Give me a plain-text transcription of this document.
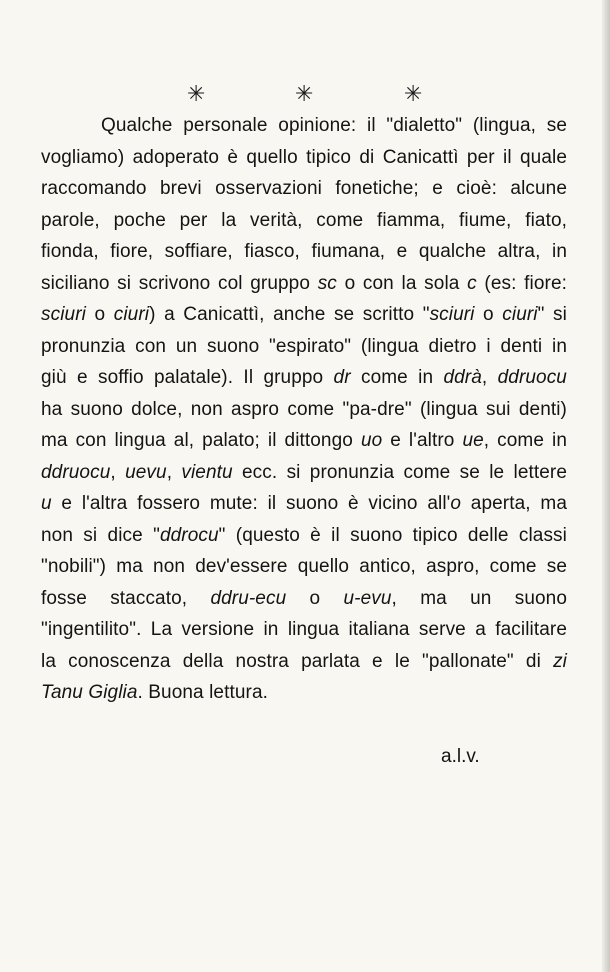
✳	✳	✳
Qualche personale opinione: il "dialetto" (lingua, se
vogliamo) adoperato è quello tipico di Canicattì per il quale
raccomando brevi osservazioni fonetiche; e cioè: alcune
parole, poche per la verità, come fiamma, fiume, fiato,
fionda, fiore, soffiare, fiasco, fiumana, e qualche altra, in
siciliano si scrivono col gruppo sc o con la sola c (es: fiore:
sciuri o ciuri) a Canicattì, anche se scritto "sciuri o ciuri" si
pronunzia con un suono "espirato" (lingua dietro i denti in
giù e soffio palatale). Il gruppo dr come in ddrà, ddruocu
ha suono dolce, non aspro come "pa-dre" (lingua sui denti)
ma con lingua al, palato; il dittongo uo e l'altro ue, come in
ddruocu, uevu, vientu ecc. si pronunzia come se le lettere
u e l'altra fossero mute: il suono è vicino all'o aperta, ma
non si dice "ddrocu" (questo è il suono tipico delle classi
"nobili") ma non dev'essere quello antico, aspro, come se
fosse staccato, ddru-ecu o u-evu, ma un suono
"ingentilito". La versione in lingua italiana serve a facilitare
la conoscenza della nostra parlata e le "pallonate" di zi
Tanu Giglia. Buona lettura.
a.l.v.
